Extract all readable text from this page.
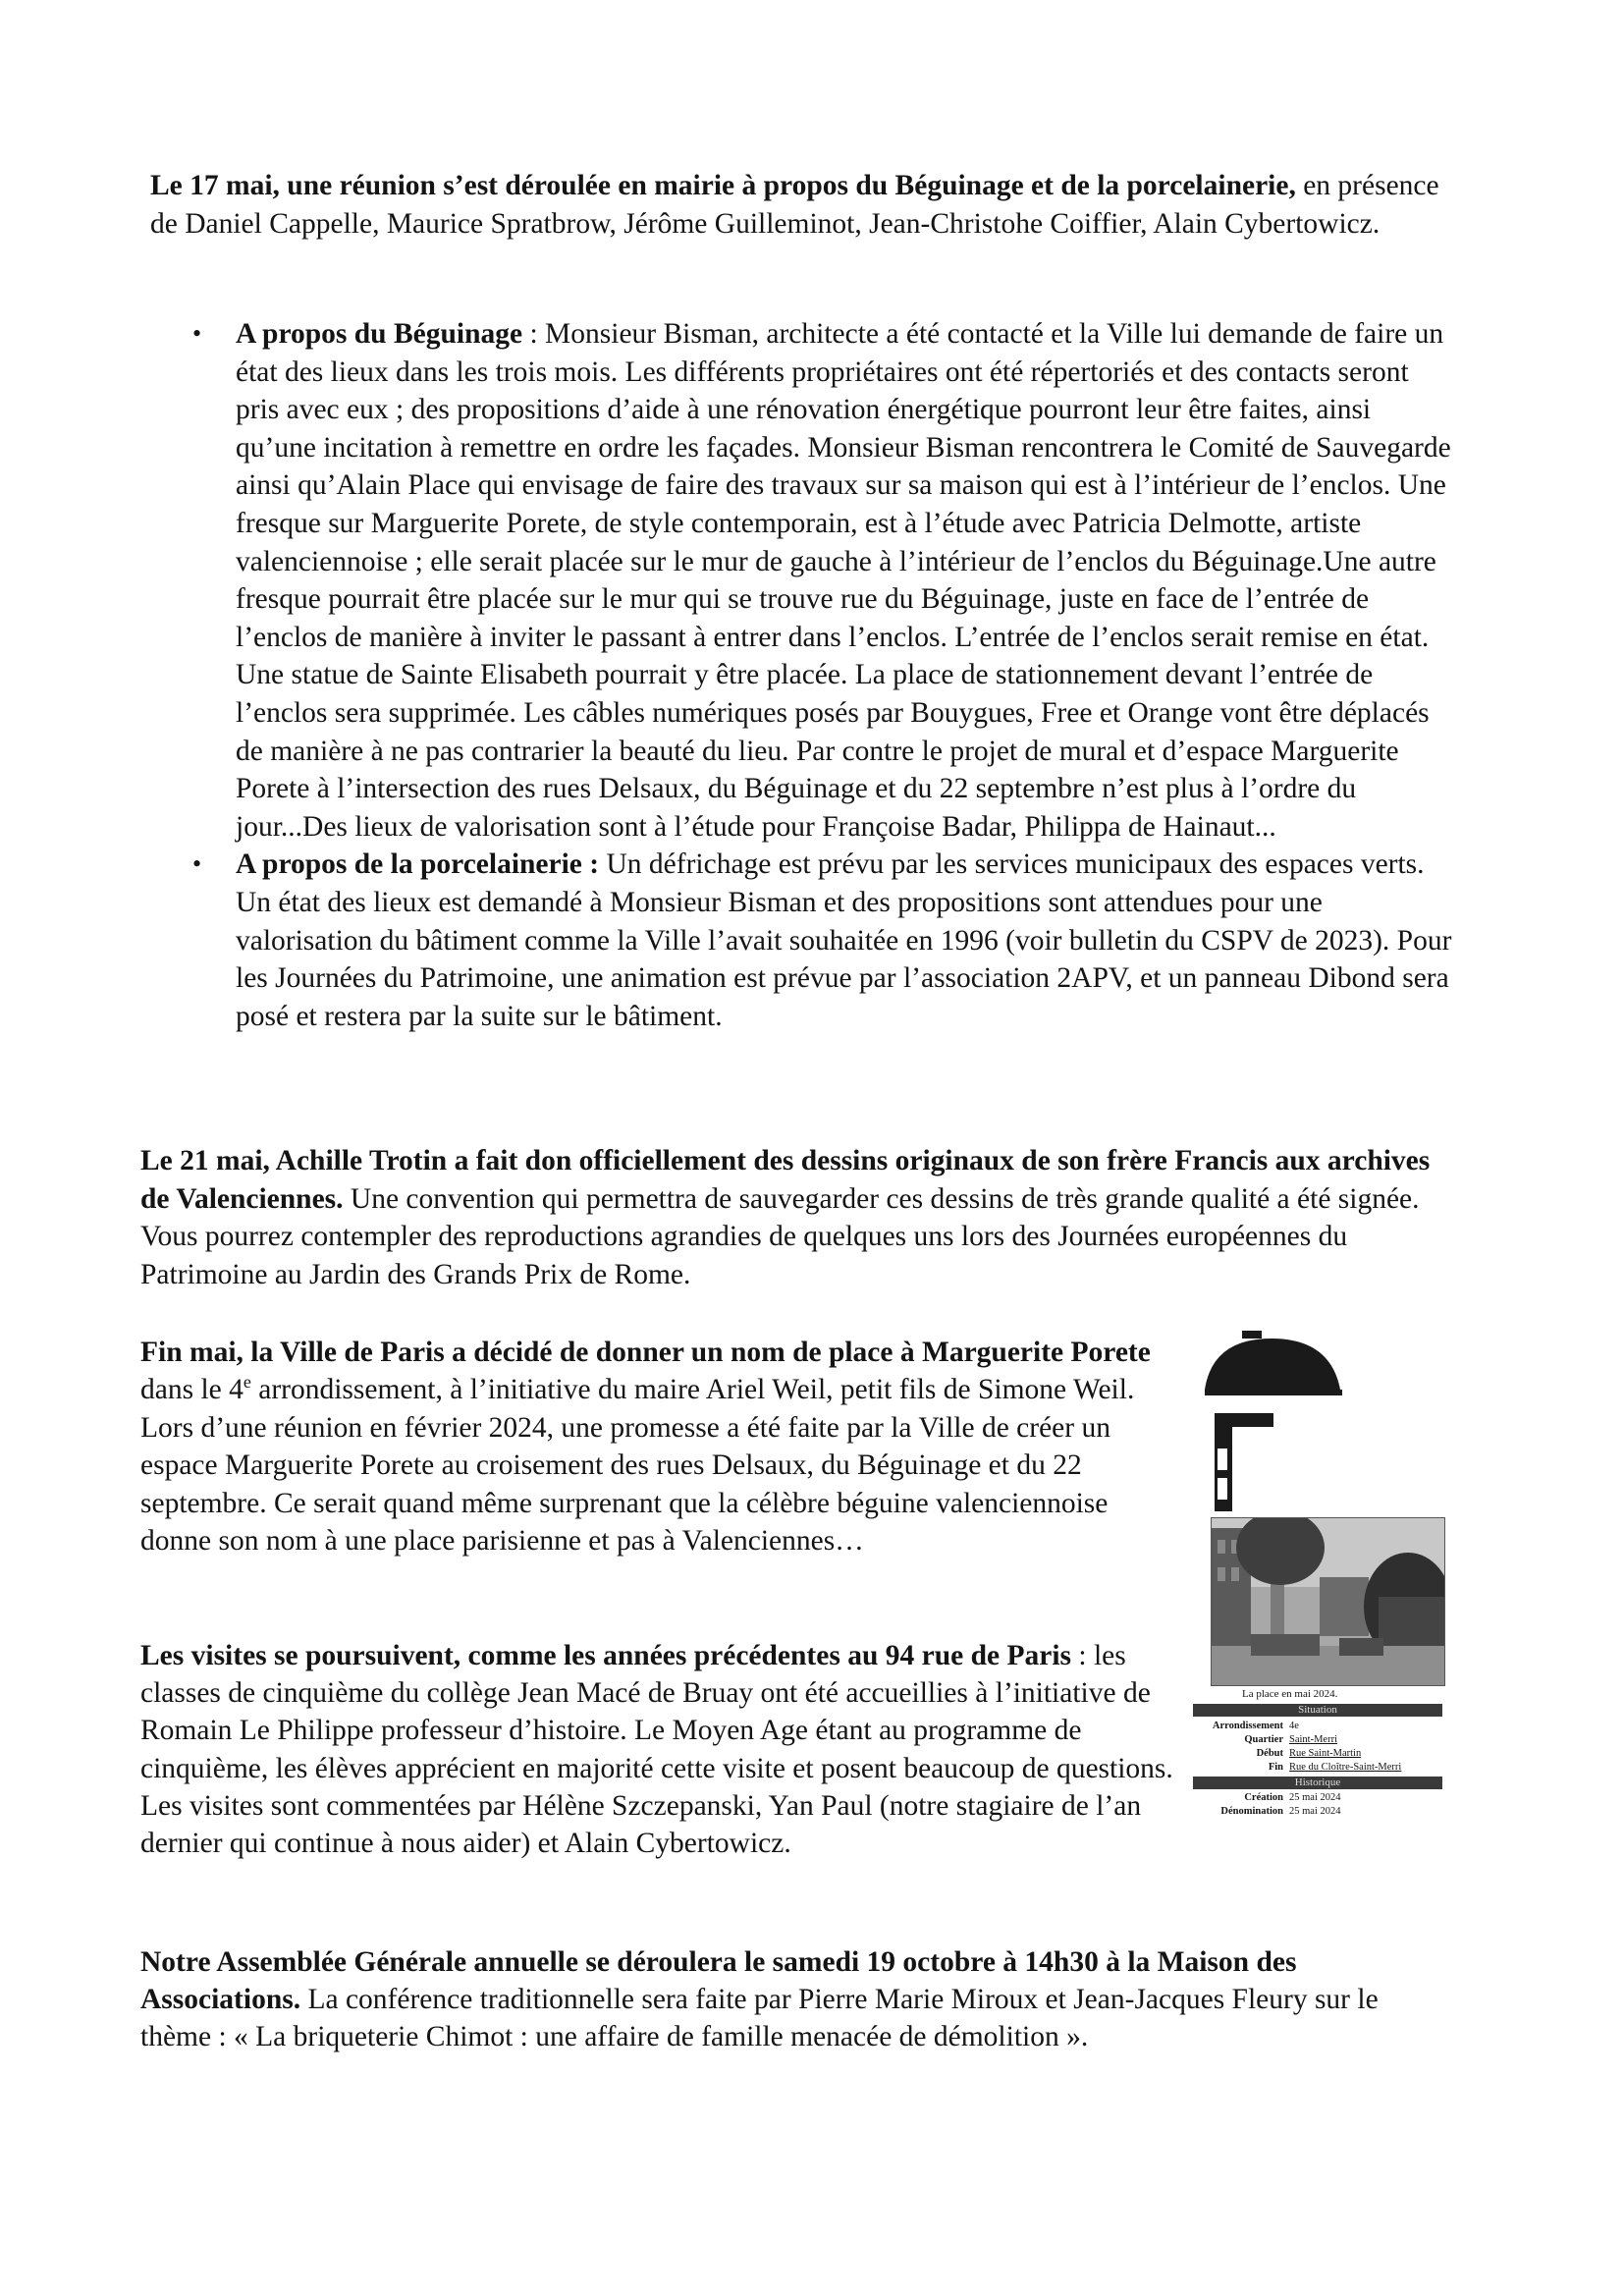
Le 17 mai, une réunion s’est déroulée en mairie à propos du Béguinage et de la porcelainerie, en présence de Daniel Cappelle, Maurice Spratbrow, Jérôme Guilleminot, Jean-Christohe Coiffier, Alain Cybertowicz.

• A propos du Béguinage : Monsieur Bisman, architecte a été contacté et la Ville lui demande de faire un état des lieux dans les trois mois. Les différents propriétaires ont été répertoriés et des contacts seront pris avec eux ; des propositions d’aide à une rénovation énergétique pourront leur être faites, ainsi qu’une incitation à remettre en ordre les façades. Monsieur Bisman rencontrera le Comité de Sauvegarde ainsi qu’Alain Place qui envisage de faire des travaux sur sa maison qui est à l’intérieur de l’enclos. Une fresque sur Marguerite Porete, de style contemporain, est à l’étude avec Patricia Delmotte, artiste valenciennoise ; elle serait placée sur le mur de gauche à l’intérieur de l’enclos du Béguinage.Une autre fresque pourrait être placée sur le mur qui se trouve rue du Béguinage, juste en face de l’entrée de l’enclos de manière à inviter le passant à entrer dans l’enclos. L’entrée de l’enclos serait remise en état. Une statue de Sainte Elisabeth pourrait y être placée. La place de stationnement devant l’entrée de l’enclos sera supprimée. Les câbles numériques posés par Bouygues, Free et Orange vont être déplacés de manière à ne pas contrarier la beauté du lieu. Par contre le projet de mural et d’espace Marguerite Porete à l’intersection des rues Delsaux, du Béguinage et du 22 septembre n’est plus à l’ordre du jour...Des lieux de valorisation sont à l’étude pour Françoise Badar, Philippa de Hainaut...
• A propos de la porcelainerie : Un défrichage est prévu par les services municipaux des espaces verts. Un état des lieux est demandé à Monsieur Bisman et des propositions sont attendues pour une valorisation du bâtiment comme la Ville l’avait souhaitée en 1996 (voir bulletin du CSPV de 2023). Pour les Journées du Patrimoine, une animation est prévue par l’association 2APV, et un panneau Dibond sera posé et restera par la suite sur le bâtiment.

Le 21 mai, Achille Trotin a fait don officiellement des dessins originaux de son frère Francis aux archives de Valenciennes. Une convention qui permettra de sauvegarder ces dessins de très grande qualité a été signée. Vous pourrez contempler des reproductions agrandies de quelques uns lors des Journées européennes du Patrimoine au Jardin des Grands Prix de Rome.

Fin mai, la Ville de Paris a décidé de donner un nom de place à Marguerite Porete dans le 4e arrondissement, à l’initiative du maire Ariel Weil, petit fils de Simone Weil. Lors d’une réunion en février 2024, une promesse a été faite par la Ville de créer un espace Marguerite Porete au croisement des rues Delsaux, du Béguinage et du 22 septembre. Ce serait quand même surprenant que la célèbre béguine valenciennoise donne son nom à une place parisienne et pas à Valenciennes…

Les visites se poursuivent, comme les années précédentes au 94 rue de Paris : les classes de cinquième du collège Jean Macé de Bruay ont été accueillies à l’initiative de Romain Le Philippe professeur d’histoire. Le Moyen Age étant au programme de cinquième, les élèves apprécient en majorité cette visite et posent beaucoup de questions. Les visites sont commentées par Hélène Szczepanski, Yan Paul (notre stagiaire de l’an dernier qui continue à nous aider) et Alain Cybertowicz.

Notre Assemblée Générale annuelle se déroulera le samedi 19 octobre à 14h30 à la Maison des Associations. La conférence traditionnelle sera faite par Pierre Marie Miroux et Jean-Jacques Fleury sur le thème : « La briqueterie Chimot : une affaire de famille menacée de démolition ».

La place en mai 2024.
Situation
Arrondissement 4e
Quartier Saint-Merri
Début Rue Saint-Martin
Fin Rue du Cloître-Saint-Merri
Historique
Création 25 mai 2024
Dénomination 25 mai 2024
